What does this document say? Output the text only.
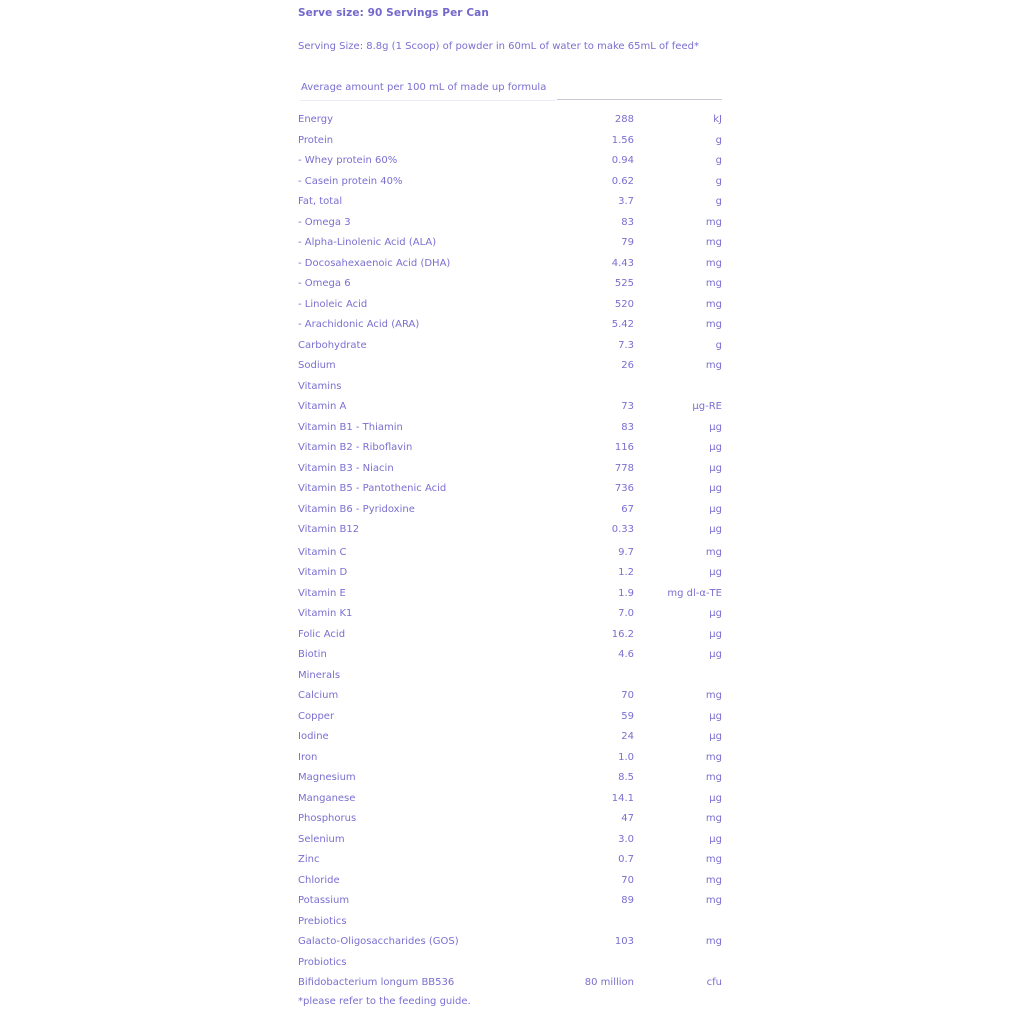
Serve size: 90 Servings Per Can
Serving Size: 8.8g (1 Scoop) of powder in 60mL of water to make 65mL of feed*
Average amount per 100 mL of made up formula
Energy	288	kJ
Protein	1.56	g
- Whey protein 60%	0.94	g
- Casein protein 40%	0.62	g
Fat, total	3.7	g
- Omega 3	83	mg
- Alpha-Linolenic Acid (ALA)	79	mg
- Docosahexaenoic Acid (DHA)	4.43	mg
- Omega 6	525	mg
- Linoleic Acid	520	mg
- Arachidonic Acid (ARA)	5.42	mg
Carbohydrate	7.3	g
Sodium	26	mg
Vitamins
Vitamin A	73	µg-RE
Vitamin B1 - Thiamin	83	µg
Vitamin B2 - Riboflavin	116	µg
Vitamin B3 - Niacin	778	µg
Vitamin B5 - Pantothenic Acid	736	µg
Vitamin B6 - Pyridoxine	67	µg
Vitamin B12	0.33	µg
Vitamin C	9.7	mg
Vitamin D	1.2	µg
Vitamin E	1.9	mg dl-α-TE
Vitamin K1	7.0	µg
Folic Acid	16.2	µg
Biotin	4.6	µg
Minerals
Calcium	70	mg
Copper	59	µg
Iodine	24	µg
Iron	1.0	mg
Magnesium	8.5	mg
Manganese	14.1	µg
Phosphorus	47	mg
Selenium	3.0	µg
Zinc	0.7	mg
Chloride	70	mg
Potassium	89	mg
Prebiotics
Galacto-Oligosaccharides (GOS)	103	mg
Probiotics
Bifidobacterium longum BB536	80 million	cfu
*please refer to the feeding guide.
